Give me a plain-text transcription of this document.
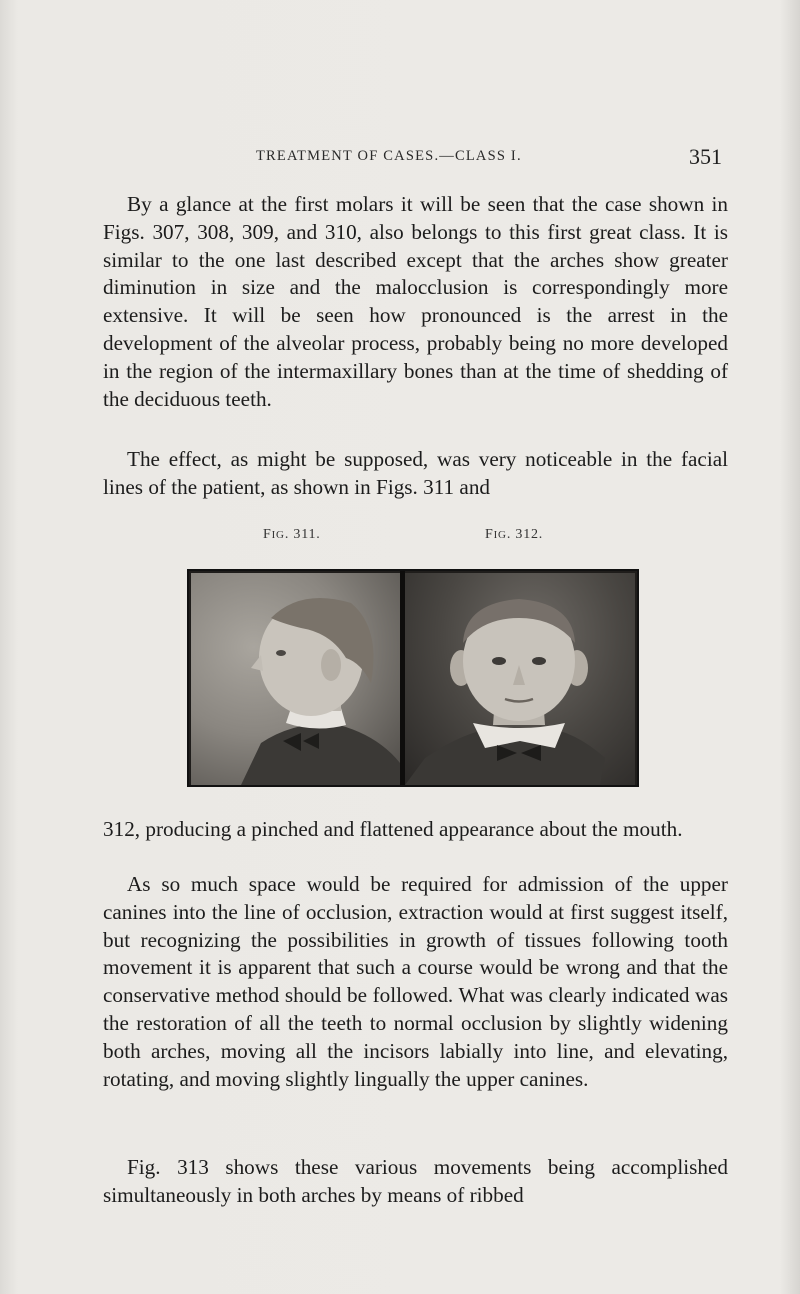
TREATMENT OF CASES.—CLASS I.	351

By a glance at the first molars it will be seen that the case shown in Figs. 307, 308, 309, and 310, also belongs to this first great class. It is similar to the one last described except that the arches show greater diminution in size and the malocclusion is correspondingly more extensive. It will be seen how pronounced is the arrest in the development of the alveolar process, probably being no more developed in the region of the intermaxillary bones than at the time of shedding of the deciduous teeth.

The effect, as might be supposed, was very noticeable in the facial lines of the patient, as shown in Figs. 311 and

FIG. 311.	FIG. 312.

312, producing a pinched and flattened appearance about the mouth.

As so much space would be required for admission of the upper canines into the line of occlusion, extraction would at first suggest itself, but recognizing the possibilities in growth of tissues following tooth movement it is apparent that such a course would be wrong and that the conservative method should be followed. What was clearly indicated was the restoration of all the teeth to normal occlusion by slightly widening both arches, moving all the incisors labially into line, and elevating, rotating, and moving slightly lingually the upper canines.

Fig. 313 shows these various movements being accomplished simultaneously in both arches by means of ribbed
